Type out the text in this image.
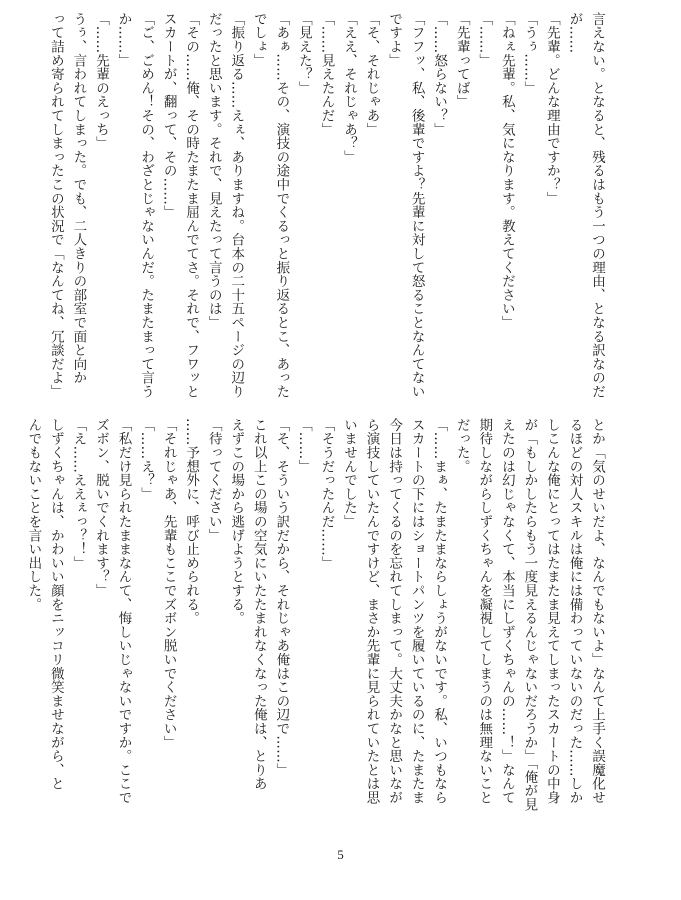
言えない。となると、残るはもう一つの理由、となる訳なのだ
が……
「先輩。どんな理由ですか？」
「うぅ……」
「ねぇ先輩。私、気になります。教えてください」
「……」
「先輩ってば」
「……怒らない？」
「フフッ、私、後輩ですよ？先輩に対して怒ることなんてない
ですよ」
「そ、それじゃあ」
「ええ、それじゃあ？」
「……見えたんだ」
「見えた？」
「あぁ……その、演技の途中でくるっと振り返るとこ、あった
でしょ」
「振り返る……えぇ、ありますね。台本の二十五ページの辺り
だったと思います。それで、見えたって言うのは」
「その……俺、その時たまたま屈んでてさ。それで、フワッと
スカートが、翻って、その……」
「ご、ごめん！その、わざとじゃないんだ。たまたまって言う
か……」
「……先輩のえっち」
うぅ、言われてしまった。でも、二人きりの部室で面と向か
って詰め寄られてしまったこの状況で「なんてね、冗談だよ」
とか「気のせいだよ、なんでもないよ」なんて上手く誤魔化せ
るほどの対人スキルは俺には備わっていないのだった……しか
しこんな俺にとってはたまたま見えてしまったスカートの中身
が「もしかしたらもう一度見えるんじゃないだろうか」「俺が見
えたのは幻じゃなくて、本当にしずくちゃんの……！」なんて
期待しながらしずくちゃんを凝視してしまうのは無理ないこと
だった。
「……まぁ、たまたまならしょうがないです。私、いつもなら
スカートの下にはショートパンツを履いているのに、たまたま
今日は持ってくるのを忘れてしまって。大丈夫かなと思いなが
ら演技していたんですけど、まさか先輩に見られていたとは思
いませんでした」
「そうだったんだ……」
「……」
「そ、そういう訳だから、それじゃあ俺はこの辺で……」
これ以上この場の空気にいたたまれなくなった俺は、とりあ
えずこの場から逃げようとする。
「待ってください」
……予想外に、呼び止められる。
「それじゃあ、先輩もここでズボン脱いでください」
「……え？」
「私だけ見られたままなんて、悔しいじゃないですか。ここで
ズボン、脱いでくれます？」
「え……ええぇっ？！」
しずくちゃんは、かわいい顔をニッコリ微笑ませながら、と
んでもないことを言い出した。
5
